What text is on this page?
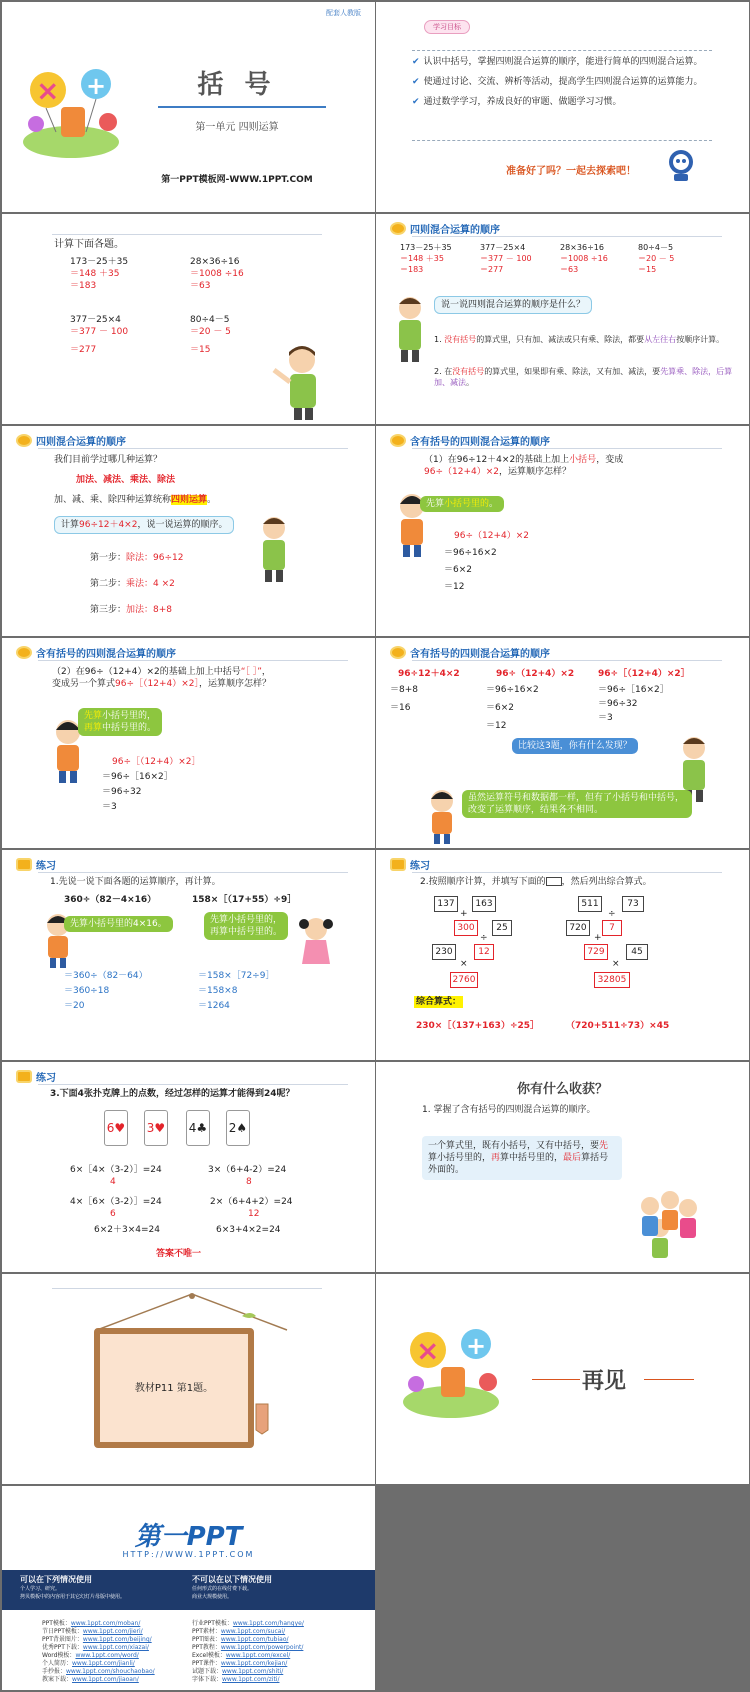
配套人教版
× +	括 号
第一单元 四则运算
第一PPT模板网-WWW.1PPT.COM
学习目标
✔ 认识中括号，掌握四则混合运算的顺序，能进行简单的四则混合运算。
✔ 使通过讨论、交流、辨析等活动，提高学生四则混合运算的运算能力。
✔ 通过数学学习，养成良好的审题、做题学习习惯。
准备好了吗？一起去探索吧！
计算下面各题。
173－25＋35
＝148 ＋35
＝183
28×36÷16
＝1008 ÷16
＝63
377－25×4
＝377 － 100
＝277
80÷4－5
＝20 － 5
＝15
四则混合运算的顺序
173－25＋35
＝148 ＋35
＝183
377－25×4
＝377 － 100
＝277
28×36÷16
＝1008 ÷16
＝63
80÷4－5
＝20 － 5
＝15
说一说四则混合运算的顺序是什么？
1. 没有括号的算式里，只有加、减法或只有乘、除法，都要从左往右按顺序计算。
2. 在没有括号的算式里，如果即有乘、除法，又有加、减法，要先算乘、除法，后算加、减法。
四则混合运算的顺序
我们目前学过哪几种运算？
加法、减法、乘法、除法
加、减、乘、除四种运算统称四则运算。
计算96÷12＋4×2，说一说运算的顺序。
第一步：除法：96÷12
第二步：乘法：4 ×2
第三步：加法：8+8
含有括号的四则混合运算的顺序
（1）在96÷12＋4×2的基础上加上小括号，变成
96÷（12+4）×2，运算顺序怎样？
先算小括号里的。
96÷（12+4）×2
＝96÷16×2
＝6×2
＝12
含有括号的四则混合运算的顺序
（2）在96÷（12+4）×2的基础上加上中括号“［ ］”，
变成另一个算式96÷［（12+4）×2］，运算顺序怎样？
先算小括号里的，
再算中括号里的。
96÷［（12+4）×2］
＝96÷［16×2］
＝96÷32
＝3
含有括号的四则混合运算的顺序
96÷12＋4×2
＝8+8
＝16
96÷（12+4）×2
＝96÷16×2
＝6×2
＝12
96÷［（12+4）×2］
＝96÷［16×2］
＝96÷32
＝3
比较这3题，你有什么发现？
虽然运算符号和数据都一样，但有了小括号和中括号，改变了运算顺序，结果各不相同。
练习
1.先说一说下面各题的运算顺序，再计算。
360÷（82－4×16）	158×［（17+55）÷9］
先算小括号里的4×16。	先算小括号里的，
再算中括号里的。
＝360÷（82－64）
＝360÷18
＝20
＝158×［72÷9］
＝158×8
＝1264
练习
2.按照顺序计算，并填写下面的 ，然后列出综合算式。
137	163
+
300	25
÷
12
230
×
2760
511	73
÷
7
720
+
729	45
×
32805
综合算式：
230×［（137+163）÷25］	（720+511÷73）×45
练习
3.下面4张扑克牌上的点数，经过怎样的运算才能得到24呢？
6♥ 3♥ 4♣ 2♠
6×［4×（3-2）］=24
4
4×［6×（3-2）］=24
6
6×2＋3×4=24
3×（6+4-2）=24
8
2×（6+4+2）=24
12
6×3+4×2=24
答案不唯一
你有什么收获？
1. 掌握了含有括号的四则混合运算的顺序。
一个算式里，既有小括号，又有中括号，要先算小括号里的，再算中括号里的，最后算括号外面的。
教材P11 第1题。
× +
再见
第一PPT
HTTP://WWW.1PPT.COM
可以在下列情况使用
个人学习、研究。
拷贝模板中的内容用于其它幻灯片母版中使用。
不可以在以下情况使用
任何形式的在线付费下载。
商业大规模使用。
PPT模板：www.1ppt.com/moban/
节日PPT模板：www.1ppt.com/jieri/
PPT背景图片：www.1ppt.com/beijing/
优秀PPT下载：www.1ppt.com/xiazai/
Word模板：www.1ppt.com/word/
个人简历：www.1ppt.com/jianli/
手抄报：www.1ppt.com/shouchaobao/
教案下载：www.1ppt.com/jiaoan/
行业PPT模板：www.1ppt.com/hangye/
PPT素材：www.1ppt.com/sucai/
PPT图表：www.1ppt.com/tubiao/
PPT教程：www.1ppt.com/powerpoint/
Excel模板：www.1ppt.com/excel/
PPT课件：www.1ppt.com/kejian/
试题下载：www.1ppt.com/shiti/
字体下载：www.1ppt.com/ziti/
